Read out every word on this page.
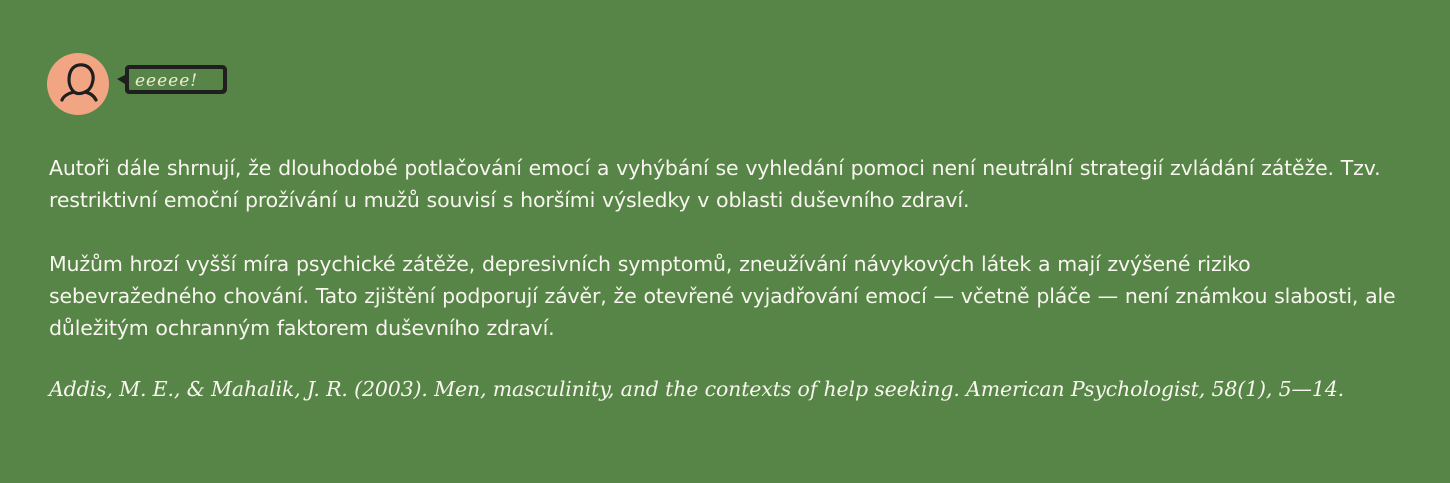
eeeee!

Autoři dále shrnují, že dlouhodobé potlačování emocí a vyhýbání se vyhledání pomoci není neutrální strategií zvládání zátěže. Tzv. restriktivní emoční prožívání u mužů souvisí s horšími výsledky v oblasti duševního zdraví.

Mužům hrozí vyšší míra psychické zátěže, depresivních symptomů, zneužívání návykových látek a mají zvýšené riziko sebevražedného chování. Tato zjištění podporují závěr, že otevřené vyjadřování emocí — včetně pláče — není známkou slabosti, ale důležitým ochranným faktorem duševního zdraví.

Addis, M. E., & Mahalik, J. R. (2003). Men, masculinity, and the contexts of help seeking. American Psychologist, 58(1), 5—14.
